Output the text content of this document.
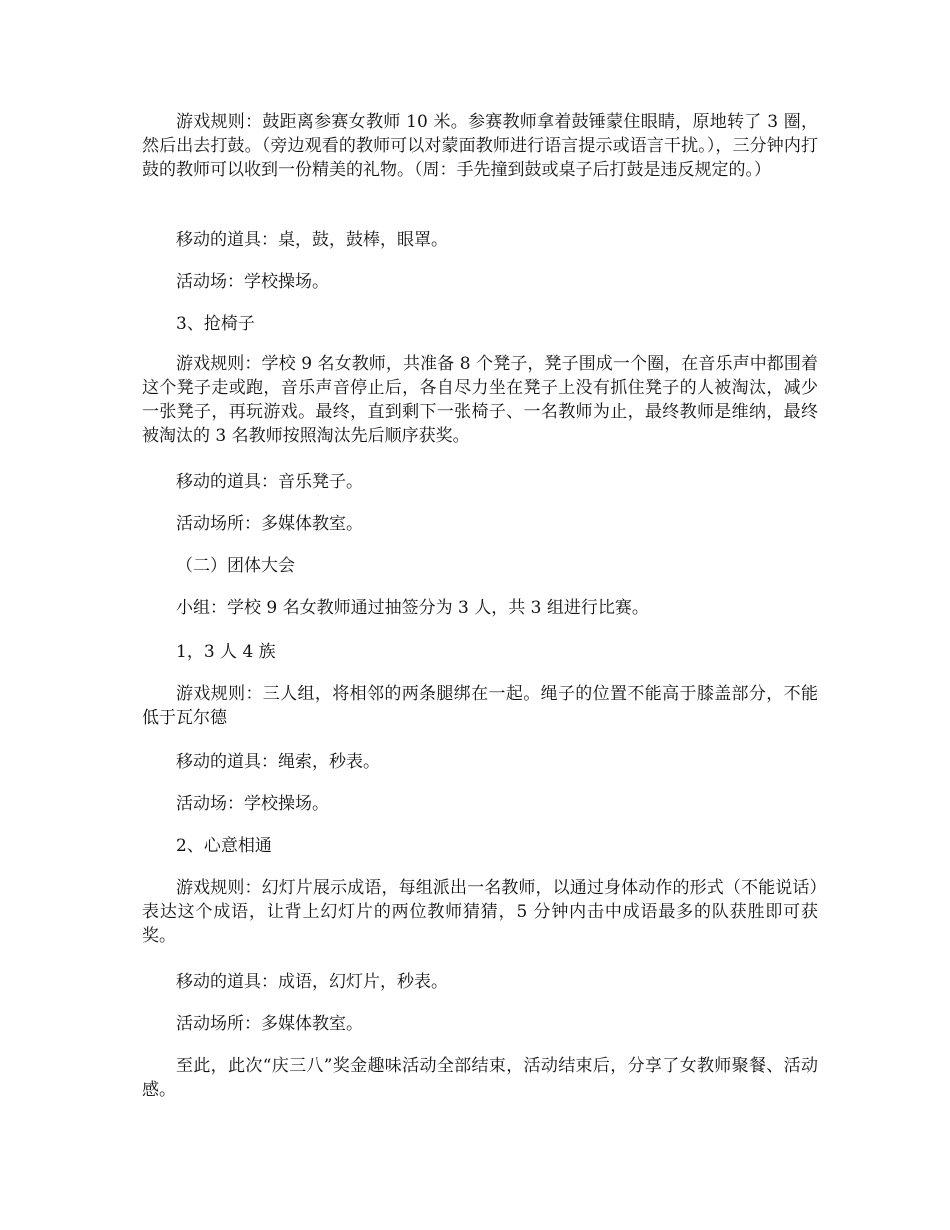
游戏规则：鼓距离参赛女教师 10 米。参赛教师拿着鼓锤蒙住眼睛，原地转了 3 圈，然后出去打鼓。（旁边观看的教师可以对蒙面教师进行语言提示或语言干扰。），三分钟内打鼓的教师可以收到一份精美的礼物。（周：手先撞到鼓或桌子后打鼓是违反规定的。）

移动的道具：桌，鼓，鼓棒，眼罩。

活动场：学校操场。

3、抢椅子

游戏规则：学校 9 名女教师，共准备 8 个凳子，凳子围成一个圈，在音乐声中都围着这个凳子走或跑，音乐声音停止后，各自尽力坐在凳子上没有抓住凳子的人被淘汰，减少一张凳子，再玩游戏。最终，直到剩下一张椅子、一名教师为止，最终教师是维纳，最终被淘汰的 3 名教师按照淘汰先后顺序获奖。

移动的道具：音乐凳子。

活动场所：多媒体教室。

（二）团体大会

小组：学校 9 名女教师通过抽签分为 3 人，共 3 组进行比赛。

1，3 人 4 族

游戏规则：三人组，将相邻的两条腿绑在一起。绳子的位置不能高于膝盖部分，不能低于瓦尔德

移动的道具：绳索，秒表。

活动场：学校操场。

2、心意相通

游戏规则：幻灯片展示成语，每组派出一名教师，以通过身体动作的形式（不能说话）表达这个成语，让背上幻灯片的两位教师猜猜，5 分钟内击中成语最多的队获胜即可获奖。

移动的道具：成语，幻灯片，秒表。

活动场所：多媒体教室。

至此，此次“庆三八”奖金趣味活动全部结束，活动结束后，分享了女教师聚餐、活动感。
